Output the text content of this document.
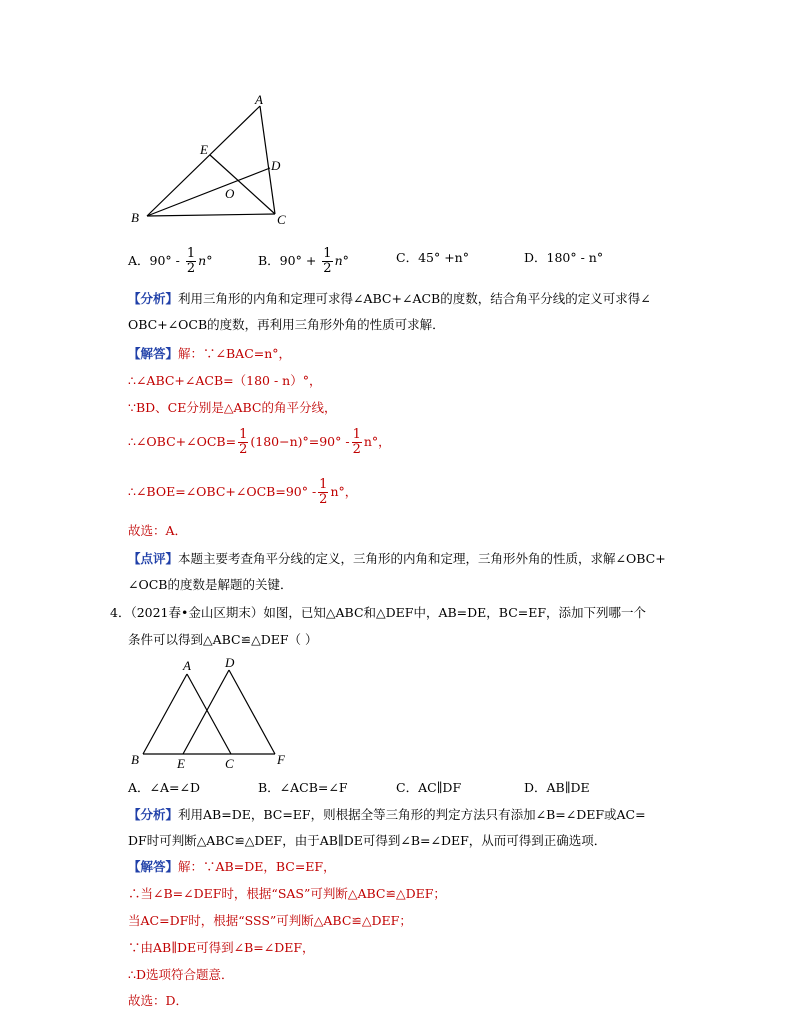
A
E
D
O
B	C
A．$90^\circ - \frac{1}{2} n^\circ$	B．$90^\circ + \frac{1}{2} n^\circ$	C．45° +n°	D．180° - n°
【分析】利用三角形的内角和定理可求得∠ABC+∠ACB的度数，结合角平分线的定义可求得∠
OBC+∠OCB的度数，再利用三角形外角的性质可求解．
【解答】解：∵∠BAC=n°，
∴∠ABC+∠ACB=（180 - n）°，
∵BD、CE分别是△ABC的角平分线，
∴∠OBC+∠OCB= $\frac{1}{2} (180-n)^\circ=90^\circ - \frac{1}{2} n^\circ$，
∴∠BOE=∠OBC+∠OCB=90° - $\frac{1}{2} n^\circ$，
故选：A．
【点评】本题主要考查角平分线的定义，三角形的内角和定理，三角形外角的性质，求解∠OBC+
∠OCB的度数是解题的关键．
4．（2021春•金山区期末）如图，已知△ABC和△DEF中，AB=DE，BC=EF，添加下列哪一个
条件可以得到△ABC≌△DEF（ ）
A	D
B	E	C	F
A．∠A=∠D	B．∠ACB=∠F	C．AC∥DF	D．AB∥DE
【分析】利用AB=DE，BC=EF，则根据全等三角形的判定方法只有添加∠B=∠DEF或AC=
DF时可判断△ABC≌△DEF，由于AB∥DE可得到∠B=∠DEF，从而可得到正确选项．
【解答】解：∵AB=DE，BC=EF，
∴当∠B=∠DEF时，根据“SAS”可判断△ABC≌△DEF；
当AC=DF时，根据“SSS”可判断△ABC≌△DEF；
∵由AB∥DE可得到∠B=∠DEF，
∴D选项符合题意．
故选：D．
